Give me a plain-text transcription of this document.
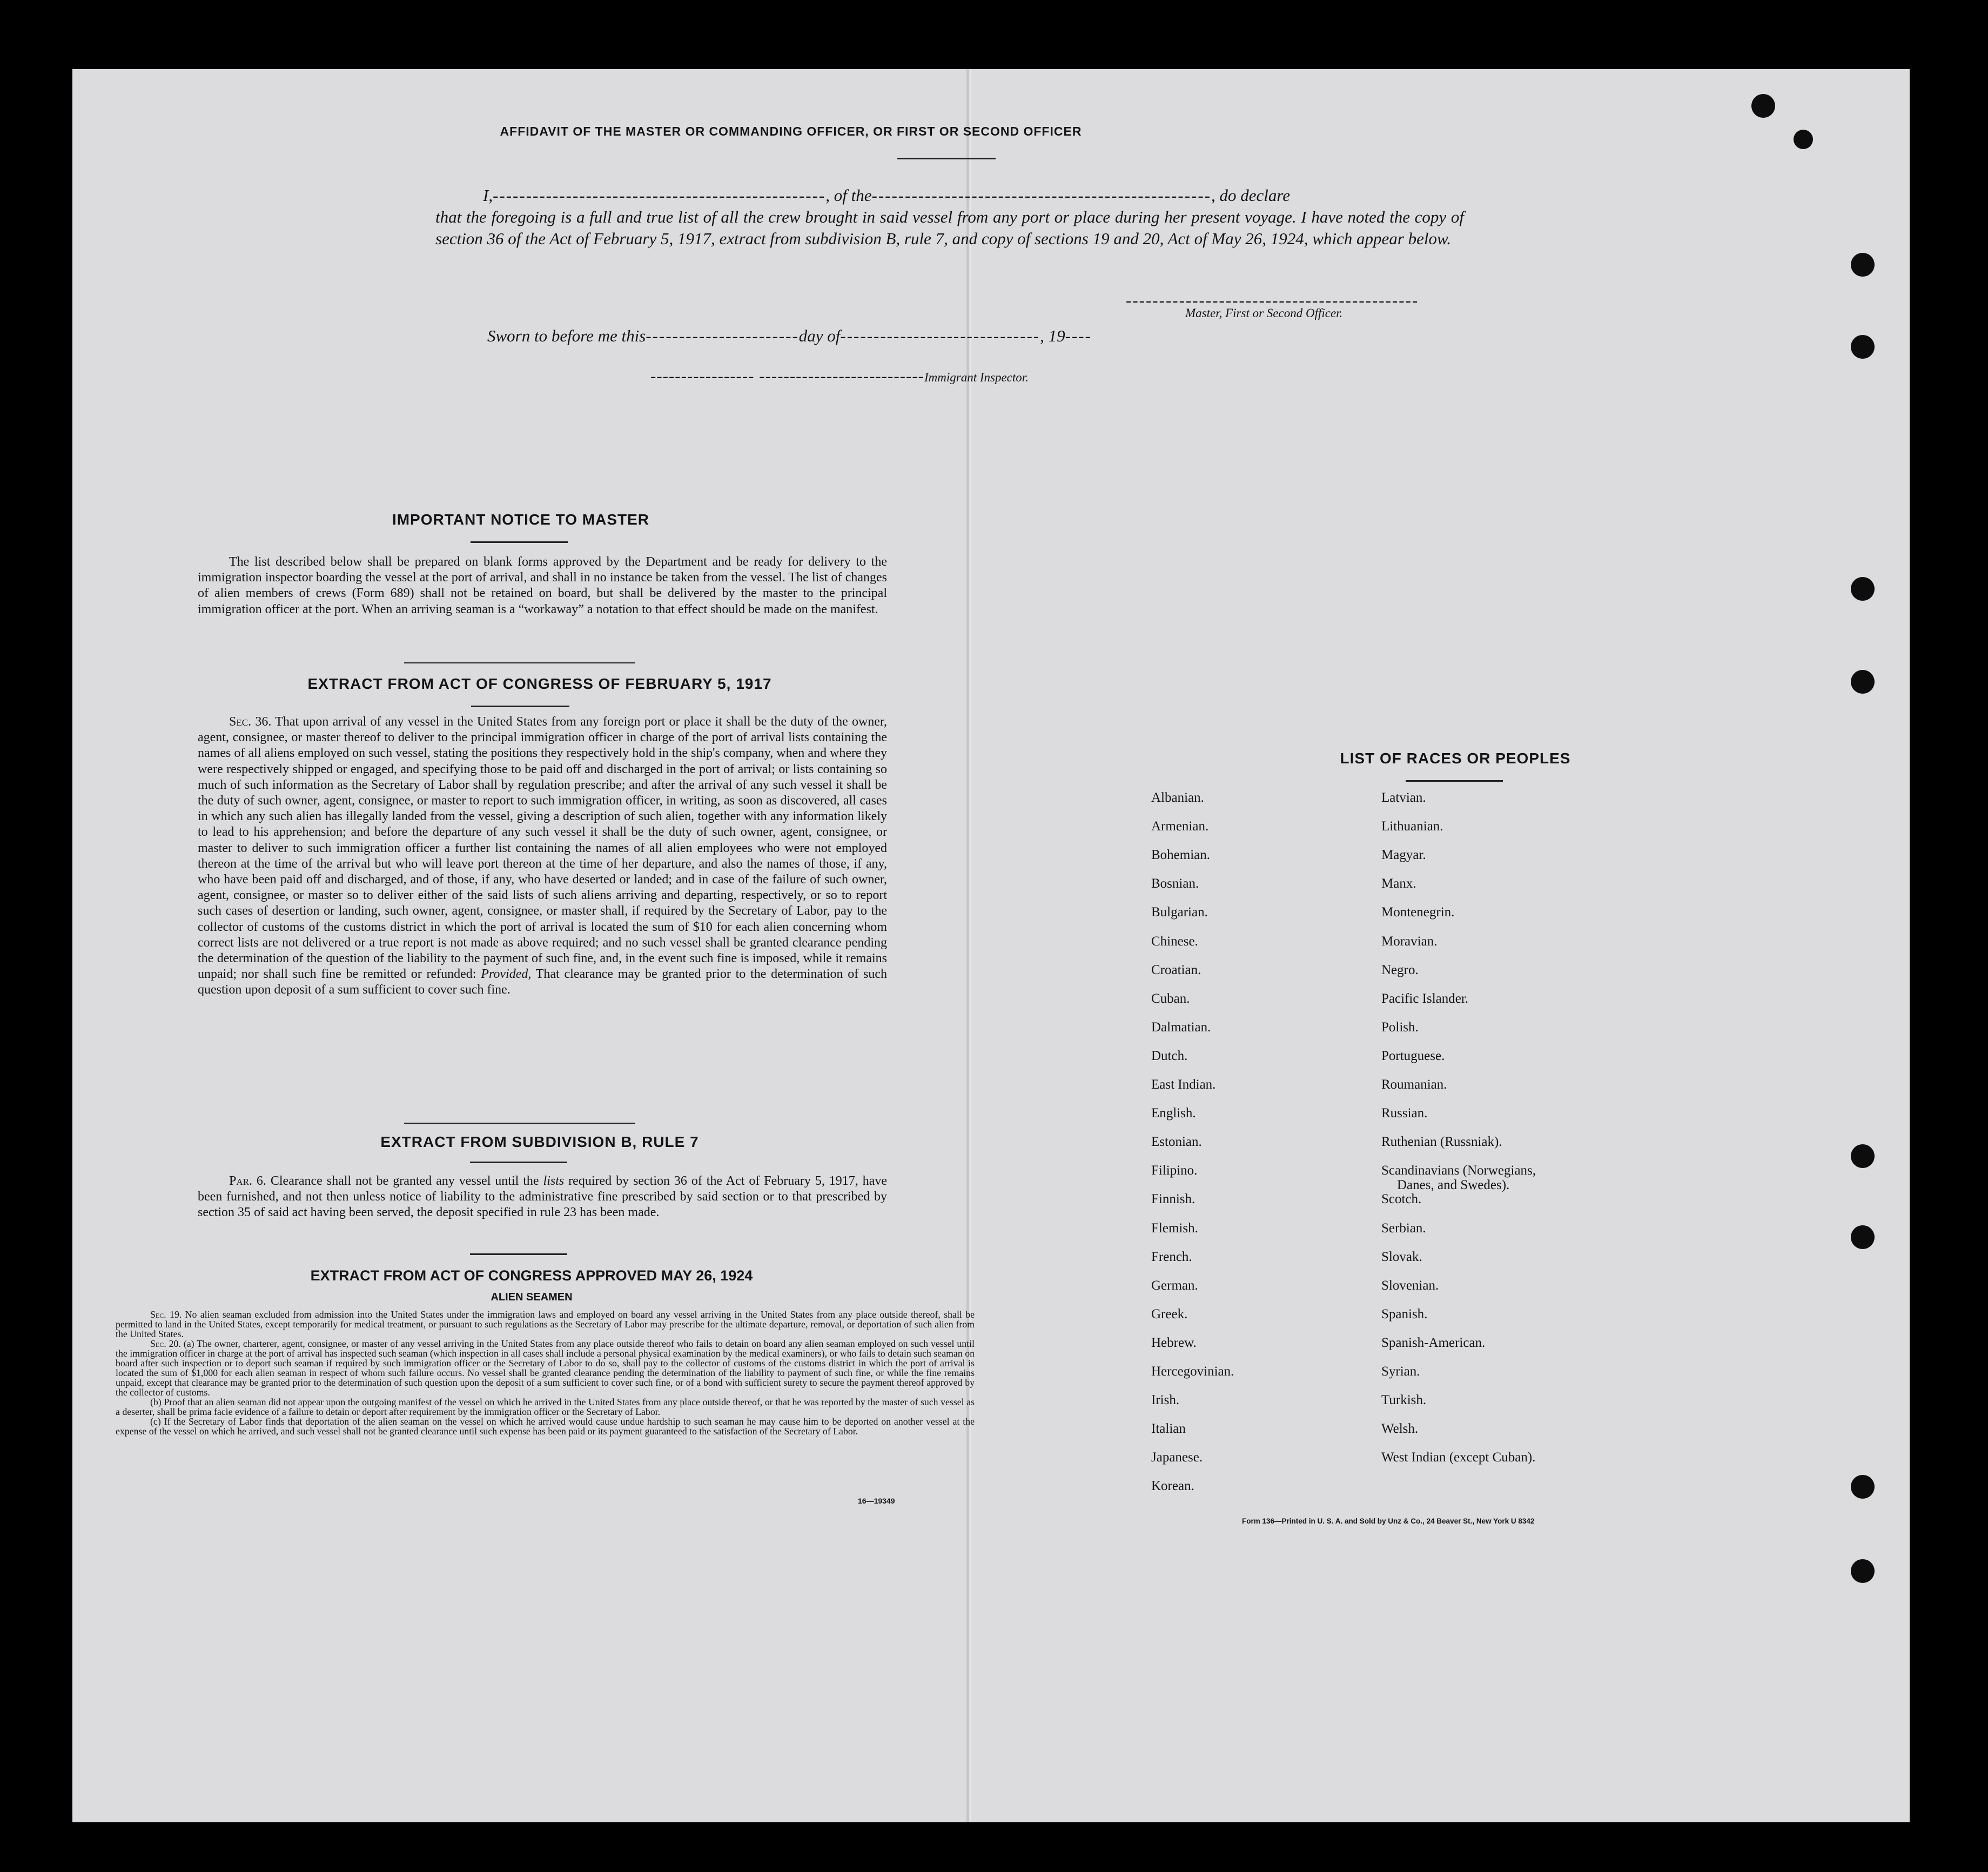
AFFIDAVIT OF THE MASTER OR COMMANDING OFFICER, OR FIRST OR SECOND OFFICER
I,--------------------------------------------------, of the---------------------------------------------------, do declare
that the foregoing is a full and true list of all the crew brought in said vessel from any port or place during her present voyage. I have noted the copy of section 36 of the Act of February 5, 1917, extract from subdivision B, rule 7, and copy of sections 19 and 20, Act of May 26, 1924, which appear below.
--------------------------------------------
Master, First or Second Officer.
Sworn to before me this-----------------------day of------------------------------, 19----
----------------- ---------------------------Immigrant Inspector.
IMPORTANT NOTICE TO MASTER
The list described below shall be prepared on blank forms approved by the Department and be ready for delivery to the immigration inspector boarding the vessel at the port of arrival, and shall in no instance be taken from the vessel. The list of changes of alien members of crews (Form 689) shall not be retained on board, but shall be delivered by the master to the principal immigration officer at the port. When an arriving seaman is a “workaway” a notation to that effect should be made on the manifest.
EXTRACT FROM ACT OF CONGRESS OF FEBRUARY 5, 1917
Sec. 36. That upon arrival of any vessel in the United States from any foreign port or place it shall be the duty of the owner, agent, consignee, or master thereof to deliver to the principal immigration officer in charge of the port of arrival lists containing the names of all aliens employed on such vessel, stating the positions they respectively hold in the ship's company, when and where they were respectively shipped or engaged, and specifying those to be paid off and discharged in the port of arrival; or lists containing so much of such information as the Secretary of Labor shall by regulation prescribe; and after the arrival of any such vessel it shall be the duty of such owner, agent, consignee, or master to report to such immigration officer, in writing, as soon as discovered, all cases in which any such alien has illegally landed from the vessel, giving a description of such alien, together with any information likely to lead to his apprehension; and before the departure of any such vessel it shall be the duty of such owner, agent, consignee, or master to deliver to such immigration officer a further list containing the names of all alien employees who were not employed thereon at the time of the arrival but who will leave port thereon at the time of her departure, and also the names of those, if any, who have been paid off and discharged, and of those, if any, who have deserted or landed; and in case of the failure of such owner, agent, consignee, or master so to deliver either of the said lists of such aliens arriving and departing, respectively, or so to report such cases of desertion or landing, such owner, agent, consignee, or master shall, if required by the Secretary of Labor, pay to the collector of customs of the customs district in which the port of arrival is located the sum of $10 for each alien concerning whom correct lists are not delivered or a true report is not made as above required; and no such vessel shall be granted clearance pending the determination of the question of the liability to the payment of such fine, and, in the event such fine is imposed, while it remains unpaid; nor shall such fine be remitted or refunded: Provided, That clearance may be granted prior to the determination of such question upon deposit of a sum sufficient to cover such fine.
EXTRACT FROM SUBDIVISION B, RULE 7
Par. 6. Clearance shall not be granted any vessel until the lists required by section 36 of the Act of February 5, 1917, have been furnished, and not then unless notice of liability to the administrative fine prescribed by said section or to that prescribed by section 35 of said act having been served, the deposit specified in rule 23 has been made.
EXTRACT FROM ACT OF CONGRESS APPROVED MAY 26, 1924
ALIEN SEAMEN
Sec. 19. No alien seaman excluded from admission into the United States under the immigration laws and employed on board any vessel arriving in the United States from any place outside thereof, shall be permitted to land in the United States, except temporarily for medical treatment, or pursuant to such regulations as the Secretary of Labor may prescribe for the ultimate departure, removal, or deportation of such alien from the United States.
Sec. 20. (a) The owner, charterer, agent, consignee, or master of any vessel arriving in the United States from any place outside thereof who fails to detain on board any alien seaman employed on such vessel until the immigration officer in charge at the port of arrival has inspected such seaman (which inspection in all cases shall include a personal physical examination by the medical examiners), or who fails to detain such seaman on board after such inspection or to deport such seaman if required by such immigration officer or the Secretary of Labor to do so, shall pay to the collector of customs of the customs district in which the port of arrival is located the sum of $1,000 for each alien seaman in respect of whom such failure occurs. No vessel shall be granted clearance pending the determination of the liability to payment of such fine, or while the fine remains unpaid, except that clearance may be granted prior to the determination of such question upon the deposit of a sum sufficient to cover such fine, or of a bond with sufficient surety to secure the payment thereof approved by the collector of customs.
(b) Proof that an alien seaman did not appear upon the outgoing manifest of the vessel on which he arrived in the United States from any place outside thereof, or that he was reported by the master of such vessel as a deserter, shall be prima facie evidence of a failure to detain or deport after requirement by the immigration officer or the Secretary of Labor.
(c) If the Secretary of Labor finds that deportation of the alien seaman on the vessel on which he arrived would cause undue hardship to such seaman he may cause him to be deported on another vessel at the expense of the vessel on which he arrived, and such vessel shall not be granted clearance until such expense has been paid or its payment guaranteed to the satisfaction of the Secretary of Labor.
16—19349
LIST OF RACES OR PEOPLES
Albanian.
Armenian.
Bohemian.
Bosnian.
Bulgarian.
Chinese.
Croatian.
Cuban.
Dalmatian.
Dutch.
East Indian.
English.
Estonian.
Filipino.
Finnish.
Flemish.
French.
German.
Greek.
Hebrew.
Hercegovinian.
Irish.
Italian
Japanese.
Korean.
Latvian.
Lithuanian.
Magyar.
Manx.
Montenegrin.
Moravian.
Negro.
Pacific Islander.
Polish.
Portuguese.
Roumanian.
Russian.
Ruthenian (Russniak).
Scandinavians (Norwegians,
Danes, and Swedes).
Scotch.
Serbian.
Slovak.
Slovenian.
Spanish.
Spanish-American.
Syrian.
Turkish.
Welsh.
West Indian (except Cuban).
Form 136—Printed in U. S. A. and Sold by Unz & Co., 24 Beaver St., New York U 8342
